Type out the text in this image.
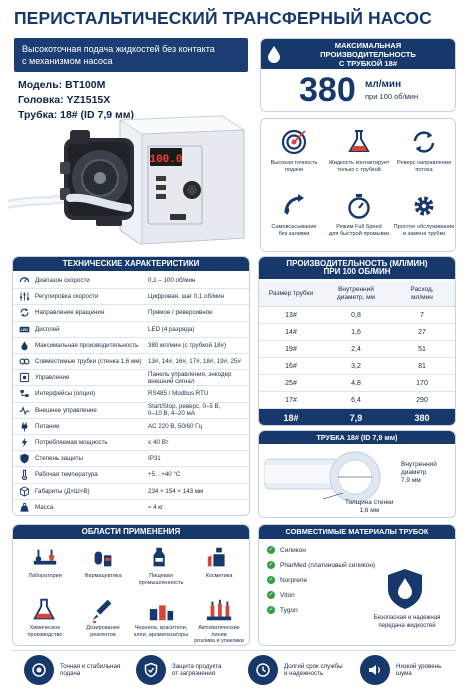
ПЕРИСТАЛЬТИЧЕСКИЙ ТРАНСФЕРНЫЙ НАСОС
Высокоточная подача жидкостей без контакта
с механизмом насоса
Модель: BT100M
Головка: YZ1515X
Трубка: 18# (ID 7,9 мм)
100.0
МАКСИМАЛЬНАЯ ПРОИЗВОДИТЕЛЬНОСТЬ
С ТРУБКОЙ 18#
380 мл/мин
при 100 об/мин
Высокая точность
подачи
Жидкость контактирует
только с трубкой
Реверс направления
потока
Самовсасывание
без заливки
Режим Full Speed
для быстрой промывки
Простое обслуживание
и замена трубки
ТЕХНИЧЕСКИЕ ХАРАКТЕРИСТИКИ
Диапазон скорости	0,1 – 100 об/мин
Регулировка скорости	Цифровая, шаг 0,1 об/мин
Направление вращения	Прямое / реверсивное
LED Дисплей	LED (4 разряда)
Максимальная производительность	380 мл/мин (с трубкой 18#)
Совместимые трубки (стенка 1,6 мм)	13#, 14#, 16#, 17#, 18#, 19#, 25#
Управление	Панель управления, энкодер
внешний сигнал
Интерфейсы (опция)	RS485 / Modbus RTU
Внешнее управление	Start/Stop, реверс, 0–5 В,
0–10 В, 4–20 мА
Питание	AC 220 В, 50/60 Гц
Потребляемая мощность	≤ 40 Вт
Степень защиты	IP31
Рабочая температура	+5…+40 °C
Габариты (Д×Ш×В)	234 × 154 × 143 мм
Масса	≈ 4 кг
ПРОИЗВОДИТЕЛЬНОСТЬ (МЛ/МИН)
ПРИ 100 ОБ/МИН
Размер трубки
Внутренний
диаметр, мм
Расход,
мл/мин
13#	0,8	7
14#	1,6	27
19#	2,4	51
16#	3,2	81
25#	4,8	170
17#	6,4	290
18#	7,9	380
ТРУБКА 18# (ID 7,9 мм)
Внутренний
диаметр
7,9 мм
Толщина стенки
1,6 мм
ОБЛАСТИ ПРИМЕНЕНИЯ
Лаборатории	Фармацевтика	Пищевая
промышленность
Косметика
Химическое
производство
Дозирование
реагентов
Чернила, красители,
клеи, ароматизаторы
Автоматические линии
розлива и упаковки
СОВМЕСТИМЫЕ МАТЕРИАЛЫ ТРУБОК
✓ Силикон
✓ PharMed (платиновый силикон)
✓ Norprene
✓ Viton
✓ Tygon
Безопасная и надежная
передача жидкостей
Точная и стабильная
подача
Защита продукта
от загрязнения
Долгий срок службы
и надежность
Низкий уровень
шума
